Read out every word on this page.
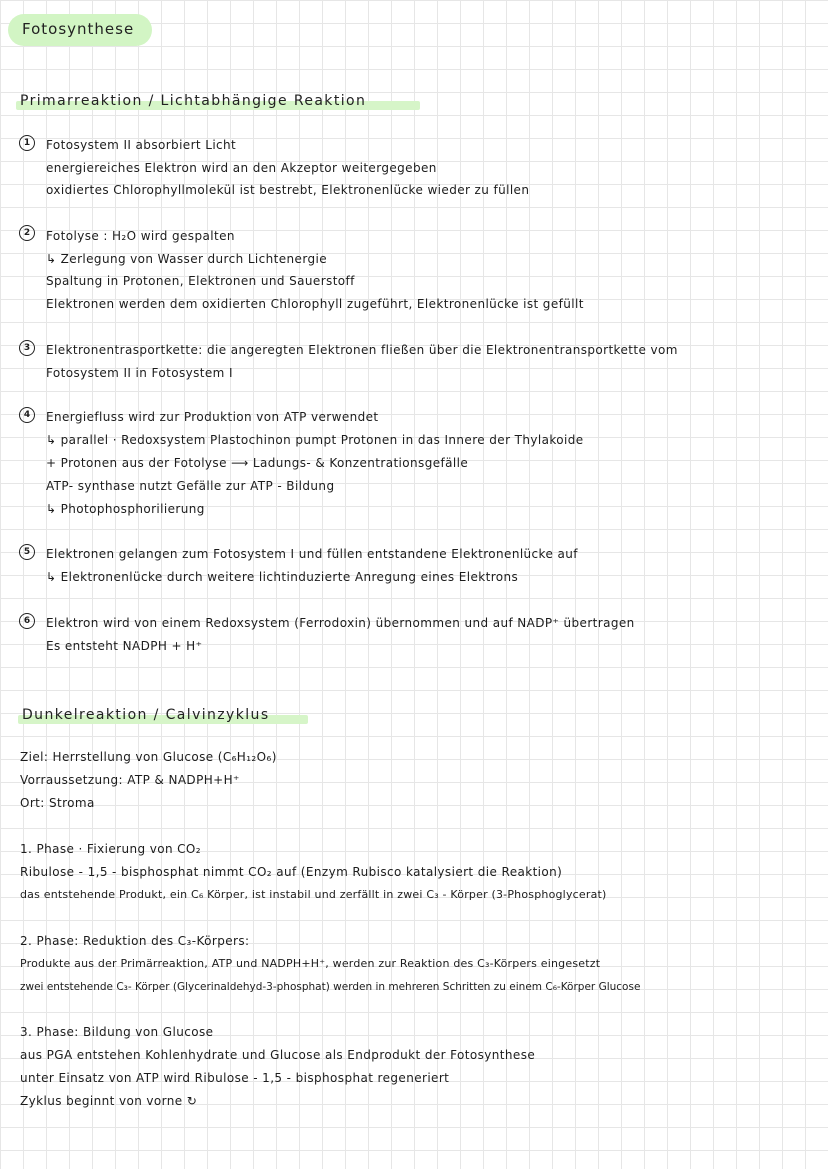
Fotosynthese
Primarreaktion / Lichtabhängige Reaktion
1	Fotosystem II absorbiert Licht
energiereiches Elektron wird an den Akzeptor weitergegeben
oxidiertes Chlorophyllmolekül ist bestrebt, Elektronenlücke wieder zu füllen
2	Fotolyse : H₂O wird gespalten
↳ Zerlegung von Wasser durch Lichtenergie
Spaltung in Protonen, Elektronen und Sauerstoff
Elektronen werden dem oxidierten Chlorophyll zugeführt, Elektronenlücke ist gefüllt
3	Elektronentrasportkette: die angeregten Elektronen fließen über die Elektronentransportkette vom
Fotosystem II in Fotosystem I
4	Energiefluss wird zur Produktion von ATP verwendet
↳ parallel · Redoxsystem Plastochinon pumpt Protonen in das Innere der Thylakoide
+ Protonen aus der Fotolyse ⟶ Ladungs- & Konzentrationsgefälle
ATP- synthase nutzt Gefälle zur ATP - Bildung
↳ Photophosphorilierung
5	Elektronen gelangen zum Fotosystem I und füllen entstandene Elektronenlücke auf
↳ Elektronenlücke durch weitere lichtinduzierte Anregung eines Elektrons
6	Elektron wird von einem Redoxsystem (Ferrodoxin) übernommen und auf NADP⁺ übertragen
Es entsteht NADPH + H⁺
Dunkelreaktion / Calvinzyklus
Ziel: Herrstellung von Glucose (C₆H₁₂O₆)
Vorraussetzung: ATP & NADPH+H⁺
Ort: Stroma
1. Phase · Fixierung von CO₂
Ribulose - 1,5 - bisphosphat nimmt CO₂ auf (Enzym Rubisco katalysiert die Reaktion)
das entstehende Produkt, ein C₆ Körper, ist instabil und zerfällt in zwei C₃ - Körper (3-Phosphoglycerat)
2. Phase: Reduktion des C₃-Körpers:
Produkte aus der Primärreaktion, ATP und NADPH+H⁺, werden zur Reaktion des C₃-Körpers eingesetzt
zwei entstehende C₃- Körper (Glycerinaldehyd-3-phosphat) werden in mehreren Schritten zu einem C₆-Körper Glucose
3. Phase: Bildung von Glucose
aus PGA entstehen Kohlenhydrate und Glucose als Endprodukt der Fotosynthese
unter Einsatz von ATP wird Ribulose - 1,5 - bisphosphat regeneriert
Zyklus beginnt von vorne ↻
